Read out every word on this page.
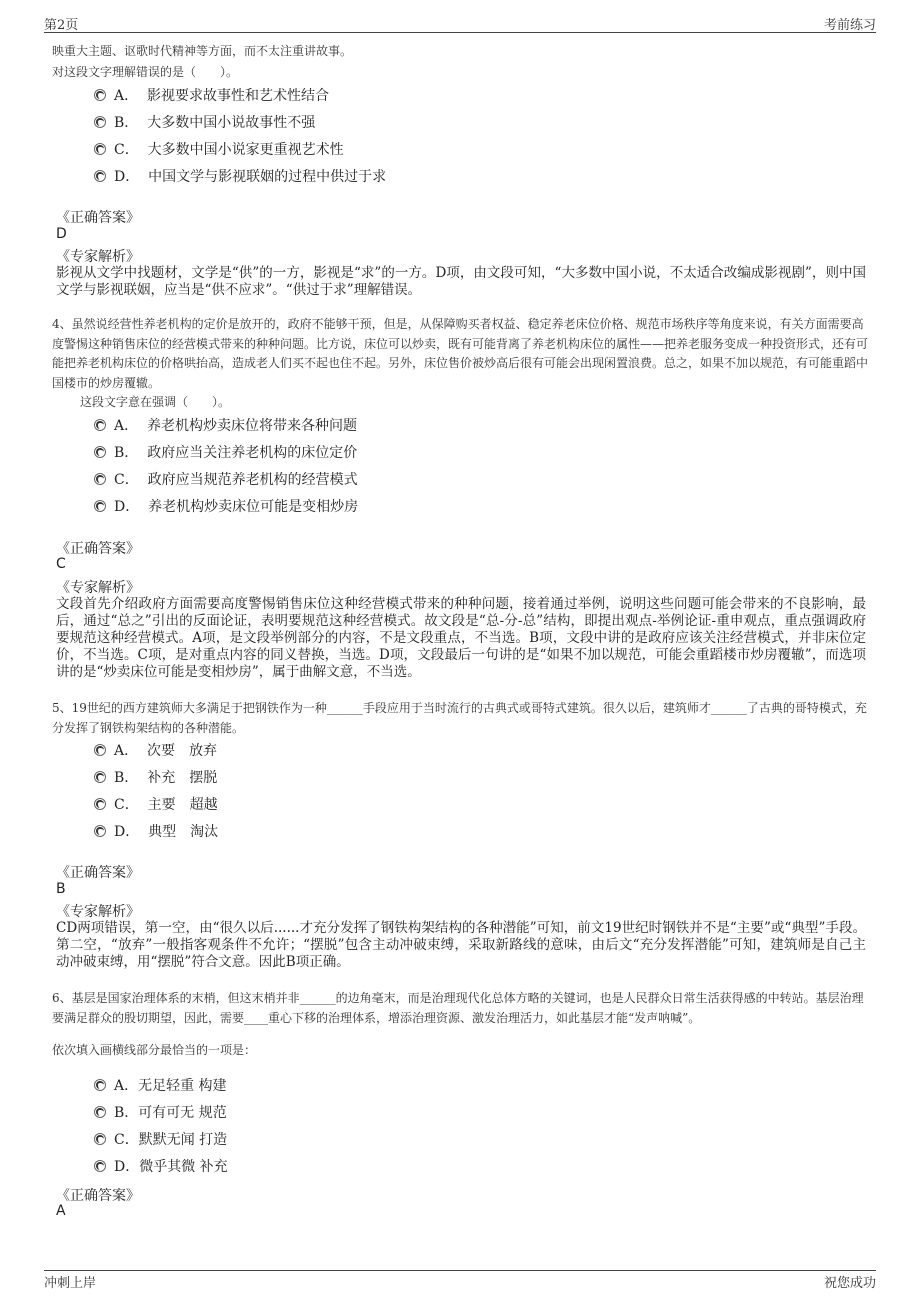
第2页	考前练习
映重大主题、讴歌时代精神等方面，而不太注重讲故事。
对这段文字理解错误的是（　　）。
A．  影视要求故事性和艺术性结合
B．  大多数中国小说故事性不强
C．  大多数中国小说家更重视艺术性
D．  中国文学与影视联姻的过程中供过于求
《正确答案》
D
《专家解析》
影视从文学中找题材，文学是“供”的一方，影视是“求”的一方。D项，由文段可知，“大多数中国小说，不太适合改编成影视剧”，则中国文学与影视联姻，应当是“供不应求”。“供过于求”理解错误。
4、虽然说经营性养老机构的定价是放开的，政府不能够干预，但是，从保障购买者权益、稳定养老床位价格、规范市场秩序等角度来说，有关方面需要高度警惕这种销售床位的经营模式带来的种种问题。比方说，床位可以炒卖，既有可能背离了养老机构床位的属性——把养老服务变成一种投资形式，还有可能把养老机构床位的价格哄抬高，造成老人们买不起也住不起。另外，床位售价被炒高后很有可能会出现闲置浪费。总之，如果不加以规范，有可能重蹈中国楼市的炒房覆辙。
这段文字意在强调（　　）。
A．  养老机构炒卖床位将带来各种问题
B．  政府应当关注养老机构的床位定价
C．  政府应当规范养老机构的经营模式
D．  养老机构炒卖床位可能是变相炒房
《正确答案》
C
《专家解析》
文段首先介绍政府方面需要高度警惕销售床位这种经营模式带来的种种问题，接着通过举例，说明这些问题可能会带来的不良影响，最后，通过“总之”引出的反面论证，表明要规范这种经营模式。故文段是“总-分-总”结构，即提出观点-举例论证-重申观点，重点强调政府要规范这种经营模式。A项，是文段举例部分的内容，不是文段重点，不当选。B项，文段中讲的是政府应该关注经营模式，并非床位定价，不当选。C项，是对重点内容的同义替换，当选。D项，文段最后一句讲的是“如果不加以规范，可能会重蹈楼市炒房覆辙”，而选项讲的是“炒卖床位可能是变相炒房”，属于曲解文意，不当选。
5、19世纪的西方建筑师大多满足于把钢铁作为一种______手段应用于当时流行的古典式或哥特式建筑。很久以后，建筑师才______了古典的哥特模式，充分发挥了钢铁构架结构的各种潜能。
A．  次要　放弃
B．  补充　摆脱
C．  主要　超越
D．  典型　淘汰
《正确答案》
B
《专家解析》
CD两项错误，第一空，由“很久以后......才充分发挥了钢铁构架结构的各种潜能”可知，前文19世纪时钢铁并不是“主要”或“典型”手段。第二空，“放弃”一般指客观条件不允许；“摆脱”包含主动冲破束缚，采取新路线的意味，由后文“充分发挥潜能”可知，建筑师是自己主动冲破束缚，用“摆脱”符合文意。因此B项正确。
6、基层是国家治理体系的末梢，但这末梢并非______的边角毫末，而是治理现代化总体方略的关键词，也是人民群众日常生活获得感的中转站。基层治理要满足群众的殷切期望，因此，需要____重心下移的治理体系，增添治理资源、激发治理活力，如此基层才能“发声呐喊”。
依次填入画横线部分最恰当的一项是：
A．无足轻重 构建
B．可有可无 规范
C．默默无闻 打造
D．微乎其微 补充
《正确答案》
A
冲刺上岸	祝您成功
